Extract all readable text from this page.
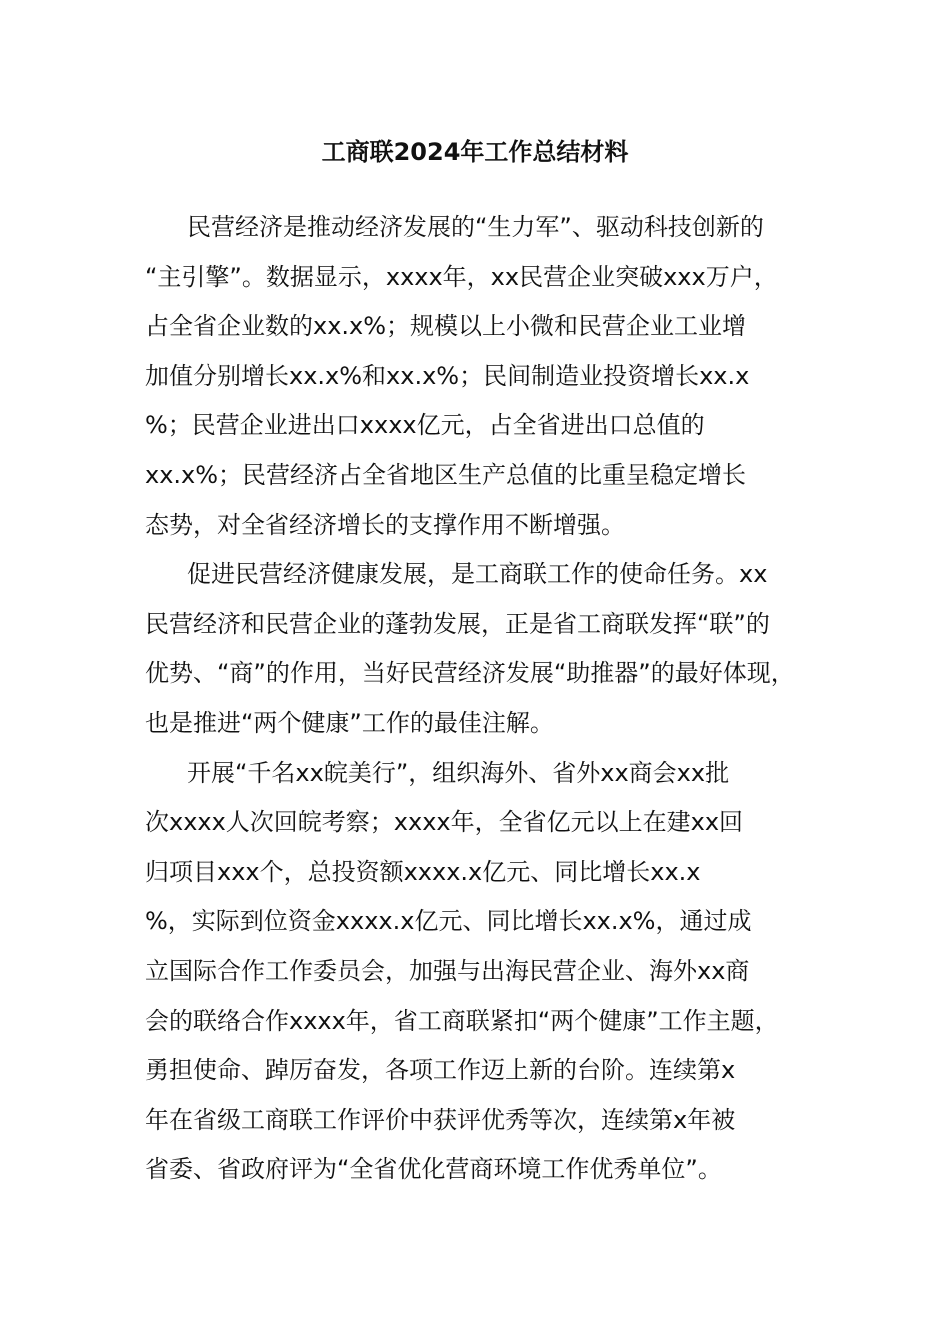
工商联2024年工作总结材料
民营经济是推动经济发展的“生力军”、驱动科技创新的
“主引擎”。数据显示，xxxx年，xx民营企业突破xxx万户，
占全省企业数的xx.x%；规模以上小微和民营企业工业增
加值分别增长xx.x%和xx.x%；民间制造业投资增长xx.x
%；民营企业进出口xxxx亿元，占全省进出口总值的
xx.x%；民营经济占全省地区生产总值的比重呈稳定增长
态势，对全省经济增长的支撑作用不断增强。
促进民营经济健康发展，是工商联工作的使命任务。xx
民营经济和民营企业的蓬勃发展，正是省工商联发挥“联”的
优势、“商”的作用，当好民营经济发展“助推器”的最好体现，
也是推进“两个健康”工作的最佳注解。
开展“千名xx皖美行”，组织海外、省外xx商会xx批
次xxxx人次回皖考察；xxxx年，全省亿元以上在建xx回
归项目xxx个，总投资额xxxx.x亿元、同比增长xx.x
%，实际到位资金xxxx.x亿元、同比增长xx.x%，通过成
立国际合作工作委员会，加强与出海民营企业、海外xx商
会的联络合作xxxx年，省工商联紧扣“两个健康”工作主题，
勇担使命、踔厉奋发，各项工作迈上新的台阶。连续第x
年在省级工商联工作评价中获评优秀等次，连续第x年被
省委、省政府评为“全省优化营商环境工作优秀单位”。
